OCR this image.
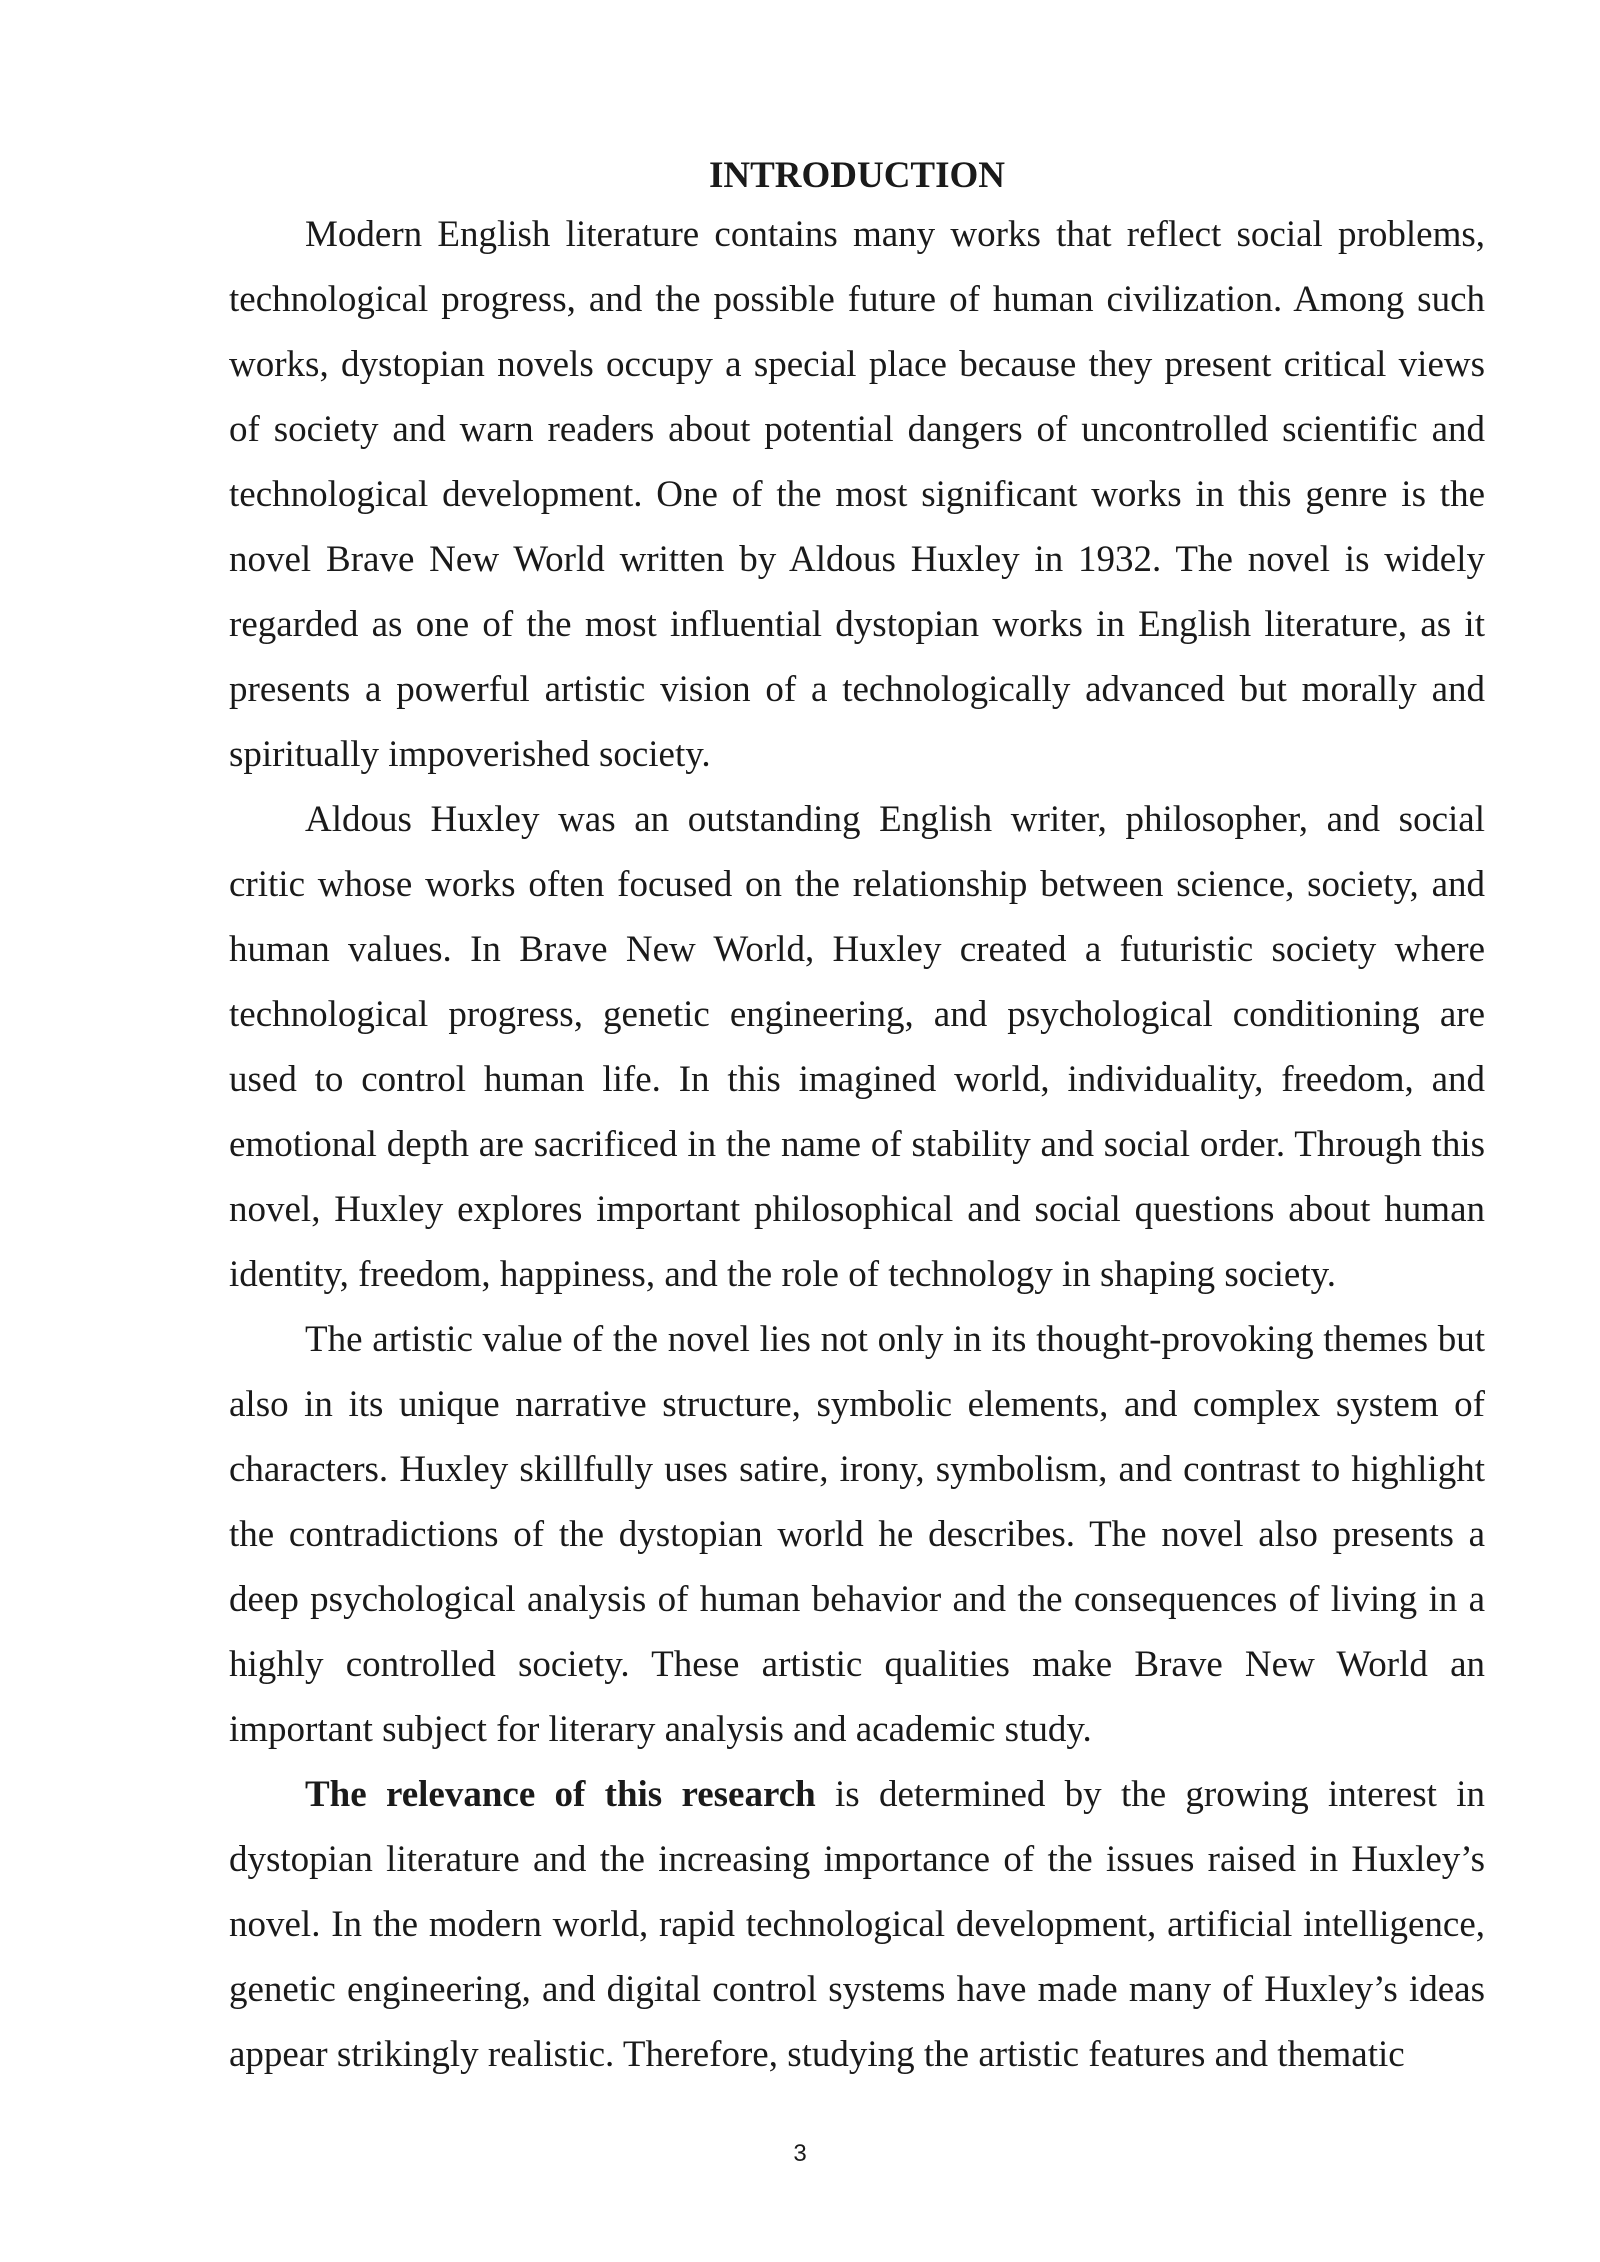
INTRODUCTION

Modern English literature contains many works that reflect social problems, technological progress, and the possible future of human civilization. Among such works, dystopian novels occupy a special place because they present critical views of society and warn readers about potential dangers of uncontrolled scientific and technological development. One of the most significant works in this genre is the novel Brave New World written by Aldous Huxley in 1932. The novel is widely regarded as one of the most influential dystopian works in English literature, as it presents a powerful artistic vision of a technologically advanced but morally and spiritually impoverished society.

Aldous Huxley was an outstanding English writer, philosopher, and social critic whose works often focused on the relationship between science, society, and human values. In Brave New World, Huxley created a futuristic society where technological progress, genetic engineering, and psychological conditioning are used to control human life. In this imagined world, individuality, freedom, and emotional depth are sacrificed in the name of stability and social order. Through this novel, Huxley explores important philosophical and social questions about human identity, freedom, happiness, and the role of technology in shaping society.

The artistic value of the novel lies not only in its thought-provoking themes but also in its unique narrative structure, symbolic elements, and complex system of characters. Huxley skillfully uses satire, irony, symbolism, and contrast to highlight the contradictions of the dystopian world he describes. The novel also presents a deep psychological analysis of human behavior and the consequences of living in a highly controlled society. These artistic qualities make Brave New World an important subject for literary analysis and academic study.

The relevance of this research is determined by the growing interest in dystopian literature and the increasing importance of the issues raised in Huxley’s novel. In the modern world, rapid technological development, artificial intelligence, genetic engineering, and digital control systems have made many of Huxley’s ideas appear strikingly realistic. Therefore, studying the artistic features and thematic

3
